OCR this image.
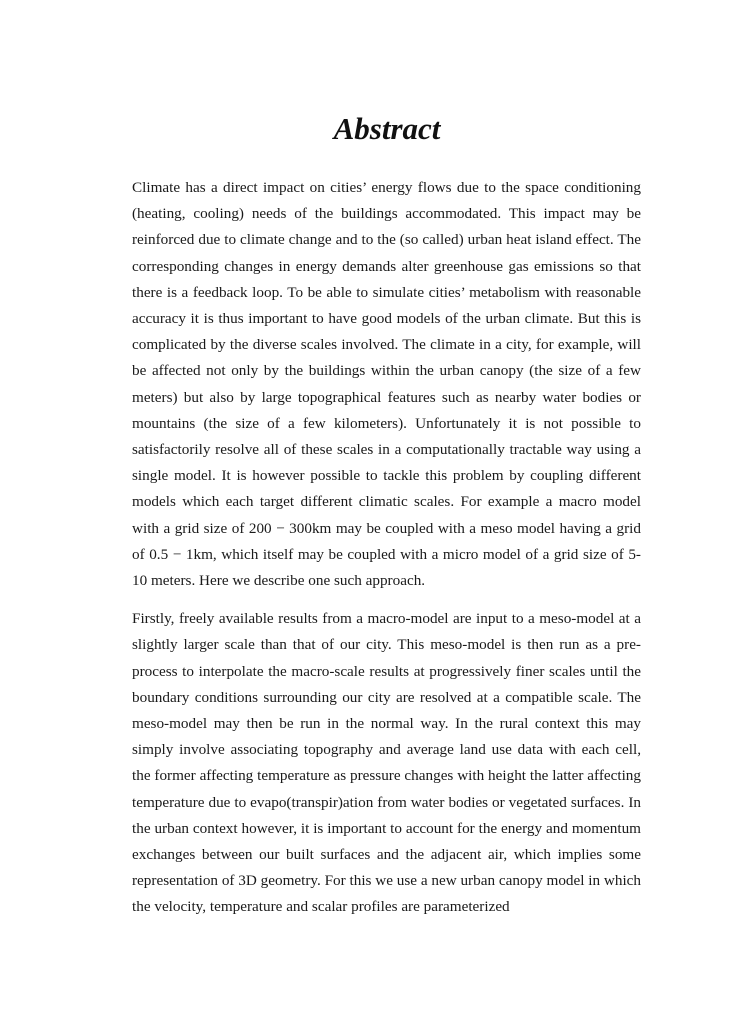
Abstract

Climate has a direct impact on cities’ energy flows due to the space conditioning (heating, cooling) needs of the buildings accommodated. This impact may be reinforced due to climate change and to the (so called) urban heat island effect. The corresponding changes in energy demands alter greenhouse gas emissions so that there is a feedback loop. To be able to simulate cities’ metabolism with reasonable accuracy it is thus important to have good models of the urban climate. But this is complicated by the diverse scales involved. The climate in a city, for example, will be affected not only by the buildings within the urban canopy (the size of a few meters) but also by large topographical features such as nearby water bodies or mountains (the size of a few kilometers). Unfortunately it is not possible to satisfactorily resolve all of these scales in a computationally tractable way using a single model. It is however possible to tackle this problem by coupling different models which each target different climatic scales. For example a macro model with a grid size of 200 − 300km may be coupled with a meso model having a grid of 0.5 − 1km, which itself may be coupled with a micro model of a grid size of 5-10 meters. Here we describe one such approach.

Firstly, freely available results from a macro-model are input to a meso-model at a slightly larger scale than that of our city. This meso-model is then run as a pre-process to interpolate the macro-scale results at progressively finer scales until the boundary conditions surrounding our city are resolved at a compatible scale. The meso-model may then be run in the normal way. In the rural context this may simply involve associating topography and average land use data with each cell, the former affecting temperature as pressure changes with height the latter affecting temperature due to evapo(transpir)ation from water bodies or vegetated surfaces. In the urban context however, it is important to account for the energy and momentum exchanges between our built surfaces and the adjacent air, which implies some representation of 3D geometry. For this we use a new urban canopy model in which the velocity, temperature and scalar profiles are parameterized
